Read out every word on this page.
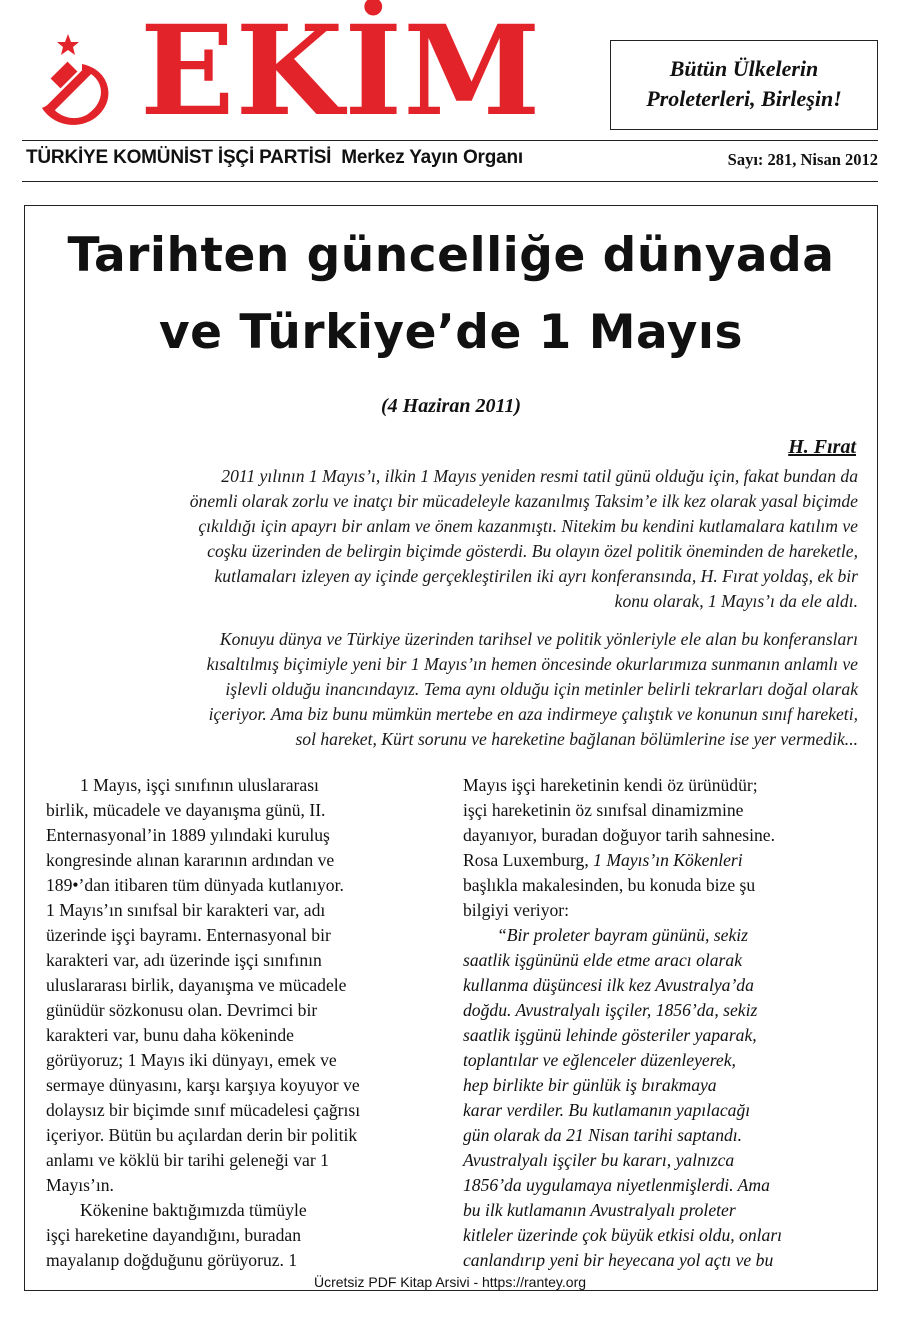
EKİM	Bütün Ülkelerin
Proleterleri, Birleşin!
TÜRKİYE KOMÜNİST İŞÇİ PARTİSİ Merkez Yayın Organı	Sayı: 281, Nisan 2012
Tarihten güncelliğe dünyada
ve Türkiye’de 1 Mayıs
(4 Haziran 2011)
H. Fırat

2011 yılının 1 Mayıs’ı, ilkin 1 Mayıs yeniden resmi tatil günü olduğu için, fakat bundan da

önemli olarak zorlu ve inatçı bir mücadeleyle kazanılmış Taksim’e ilk kez olarak yasal biçimde

çıkıldığı için apayrı bir anlam ve önem kazanmıştı. Nitekim bu kendini kutlamalara katılım ve

coşku üzerinden de belirgin biçimde gösterdi. Bu olayın özel politik öneminden de hareketle,

kutlamaları izleyen ay içinde gerçekleştirilen iki ayrı konferansında, H. Fırat yoldaş, ek bir

konu olarak, 1 Mayıs’ı da ele aldı.

Konuyu dünya ve Türkiye üzerinden tarihsel ve politik yönleriyle ele alan bu konferansları

kısaltılmış biçimiyle yeni bir 1 Mayıs’ın hemen öncesinde okurlarımıza sunmanın anlamlı ve

işlevli olduğu inancındayız. Tema aynı olduğu için metinler belirli tekrarları doğal olarak

içeriyor. Ama biz bunu mümkün mertebe en aza indirmeye çalıştık ve konunun sınıf hareketi,

sol hareket, Kürt sorunu ve hareketine bağlanan bölümlerine ise yer vermedik...

1 Mayıs, işçi sınıfının uluslararası

birlik, mücadele ve dayanışma günü, II.

Enternasyonal’in 1889 yılındaki kuruluş

kongresinde alınan kararının ardından ve

189•’dan itibaren tüm dünyada kutlanıyor.

1 Mayıs’ın sınıfsal bir karakteri var, adı

üzerinde işçi bayramı. Enternasyonal bir

karakteri var, adı üzerinde işçi sınıfının

uluslararası birlik, dayanışma ve mücadele

günüdür sözkonusu olan. Devrimci bir

karakteri var, bunu daha kökeninde

görüyoruz; 1 Mayıs iki dünyayı, emek ve

sermaye dünyasını, karşı karşıya koyuyor ve

dolaysız bir biçimde sınıf mücadelesi çağrısı

içeriyor. Bütün bu açılardan derin bir politik

anlamı ve köklü bir tarihi geleneği var 1

Mayıs’ın.

Kökenine baktığımızda tümüyle

işçi hareketine dayandığını, buradan

mayalanıp doğduğunu görüyoruz. 1

Mayıs işçi hareketinin kendi öz ürünüdür;

işçi hareketinin öz sınıfsal dinamizmine

dayanıyor, buradan doğuyor tarih sahnesine.

Rosa Luxemburg, 1 Mayıs’ın Kökenleri

başlıkla makalesinden, bu konuda bize şu

bilgiyi veriyor:

“Bir proleter bayram gününü, sekiz

saatlik işgününü elde etme aracı olarak

kullanma düşüncesi ilk kez Avustralya’da

doğdu. Avustralyalı işçiler, 1856’da, sekiz

saatlik işgünü lehinde gösteriler yaparak,

toplantılar ve eğlenceler düzenleyerek,

hep birlikte bir günlük iş bırakmaya

karar verdiler. Bu kutlamanın yapılacağı

gün olarak da 21 Nisan tarihi saptandı.

Avustralyalı işçiler bu kararı, yalnızca

1856’da uygulamaya niyetlenmişlerdi. Ama

bu ilk kutlamanın Avustralyalı proleter

kitleler üzerinde çok büyük etkisi oldu, onları

canlandırıp yeni bir heyecana yol açtı ve bu

Ücretsiz PDF Kitap Arsivi - https://rantey.org
